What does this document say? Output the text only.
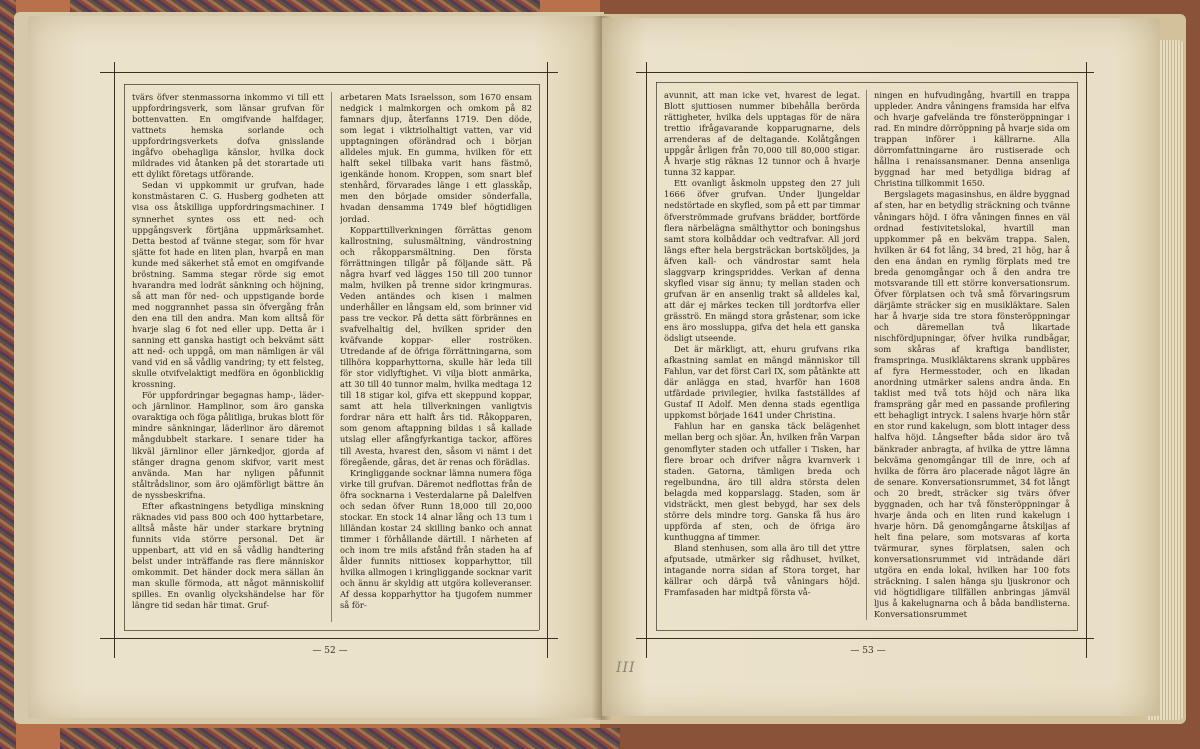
tvärs öfver stenmassorna inkommo vi till ett uppfordringsverk, som länsar grufvan för bottenvatten. En omgifvande halfdager, vattnets hemska sorlande och uppfordringsverkets dofva gnisslande ingåfvo obehagliga känslor, hvilka dock mildrades vid åtanken på det storartade uti ett dylikt företags utförande.

Sedan vi uppkommit ur grufvan, hade konstmästaren C. G. Husberg godheten att visa oss åtskilliga uppfordringsmachiner. I synnerhet syntes oss ett ned- och uppgångsverk förtjäna uppmärksamhet. Detta bestod af tvänne stegar, som för hvar sjätte fot hade en liten plan, hvarpå en man kunde med säkerhet stå emot en omgifvande bröstning. Samma stegar rörde sig emot hvarandra med lodrät sänkning och höjning, så att man för ned- och uppstigande borde med noggrannhet passa sin öfvergång från den ena till den andra. Man kom alltså för hvarje slag 6 fot ned eller upp. Detta är i sanning ett ganska hastigt och bekvämt sätt att ned- och uppgå, om man nämligen är väl vand vid en så vådlig vandring; ty ett felsteg, skulle otvifvelaktigt medföra en ögonblicklig krossning.

För uppfordringar begagnas hamp-, läder- och järnlinor. Hamplinor, som äro ganska ovaraktiga och föga pålitliga, brukas blott för mindre sänkningar, läderlinor äro däremot mångdubbelt starkare. I senare tider ha likväl järnlinor eller järnkedjor, gjorda af stänger dragna genom skifvor, varit mest använda. Man har nyligen påfunnit ståltrådslinor, som äro ojämförligt bättre än de nyssbeskrifna.

Efter afkastningens betydliga minskning räknades vid pass 800 och 400 hyttarbetare, alltså måste här under starkare brytning funnits vida större personal. Det är uppenbart, att vid en så vådlig handtering belst under inträffande ras flere människor omkommit. Det händer dock mera sällan än man skulle förmoda, att något människoliif spilles. En ovanlig olyckshändelse har för längre tid sedan här timat. Gruf-

arbetaren Mats Israelsson, som 1670 ensam nedgick i malmkorgen och omkom på 82 famnars djup, återfanns 1719. Den döde, som legat i viktriolhaltigt vatten, var vid upptagningen oförändrad och i början alldeles mjuk. En gumma, hvilken för ett halft sekel tillbaka varit hans fästmö, igenkände honom. Kroppen, som snart blef stenhård, förvarades länge i ett glasskåp, men den började omsider sönderfalla, hvadan densamma 1749 blef högtidligen jordad.

Kopparttillverkningen förrättas genom kallrostning, sulusmältning, vändrostning och råkopparsmältning. Den första förrättningen tillgår på följande sätt. På några hvarf ved lägges 150 till 200 tunnor malm, hvilken på trenne sidor kringmuras. Veden antändes och kisen i malmen underhåller en långsam eld, som brinner vid pass tre veckor. På detta sätt förbrännes en svafvelhaltig del, hvilken sprider den kväfvande koppar- eller roströken. Utredande af de öfriga förrättningarna, som tillhöra kopparhyttorna, skulle här leda till för stor vidlyftighet. Vi vilja blott anmärka, att 30 till 40 tunnor malm, hvilka medtaga 12 till 18 stigar kol, gifva ett skeppund koppar, samt att hela tillverkningen vanligtvis fordrar nära ett halft års tid. Råkopparen, som genom aftappning bildas i så kallade utslag eller afångfyrkantiga tackor, afföres till Avesta, hvarest den, såsom vi nämt i det föregående, gåras, det är renas och förädlas.

Kringliggande socknar lämna numera föga virke till grufvan. Däremot nedflottas från de öfra socknarna i Vesterdalarne på Dalelfven och sedan öfver Runn 18,000 till 20,000 stockar. En stock 14 alnar lång och 13 tum i lilländan kostar 24 skilling banko och annat timmer i förhållande därtill. I närheten af och inom tre mils afstånd från staden ha af ålder funnits nittiosex kopparhyttor, till hvilka allmogen i kringliggande socknar varit och ännu är skyldig att utgöra kolleveranser. Af dessa kopparhyttor ha tjugofem nummer så för-

— 52 —

avunnit, att man icke vet, hvarest de legat. Blott sjuttiosen nummer bibehålla berörda rättigheter, hvilka dels upptagas för de nära trettio ifrågavarande kopparugnarne, dels arrenderas af de deltagande. Kolåtgången uppgår årligen från 70,000 till 80,000 stigar. Å hvarje stig räknas 12 tunnor och å hvarje tunna 32 kappar.

Ett ovanligt åskmoln uppsteg den 27 juli 1666 öfver grufvan. Under ljungeldar nedstörtade en skyfled, som på ett par timmar öfverströmmade grufvans brädder, bortförde flera närbelägna smälthyttor och boningshus samt stora kolbåddar och vedtrafvar. All jord längs efter hela bergsträckan bortsköljdes, ja äfven kall- och vändrostar samt hela slaggvarp kringspriddes. Verkan af denna skyfled visar sig ännu; ty mellan staden och grufvan är en ansenlig trakt så alldeles kal, att där ej märkes tecken till jordtorfva eller gräsströ. En mängd stora gråstenar, som icke ens äro mossluppa, gifva det hela ett ganska ödsligt utseende.

Det är märkligt, att, ehuru grufvans rika afkastning samlat en mängd människor till Fahlun, var det först Carl IX, som påtänkte att där anlägga en stad, hvarför han 1608 utfärdade privilegier, hvilka fastställdes af Gustaf II Adolf. Men denna stads egentliga uppkomst började 1641 under Christina.

Fahlun har en ganska täck belägenhet mellan berg och sjöar. Ån, hvilken från Varpan genomflyter staden och utfaller i Tisken, har flere broar och drifver några kvarnverk i staden. Gatorna, tämligen breda och regelbundna, äro till aldra största delen belagda med kopparslagg. Staden, som är vidsträckt, men glest bebygd, har sex dels större dels mindre torg. Ganska få hus äro uppförda af sten, och de öfriga äro kunthuggna af timmer.

Bland stenhusen, som alla äro till det yttre afputsade, utmärker sig rådhuset, hvilket, intagande norra sidan af Stora torget, har källrar och därpå två våningars höjd. Framfasaden har midtpå första vå-

ningen en hufvudingång, hvartill en trappa uppleder. Andra våningens framsida har elfva och hvarje gafvelända tre fönsteröppningar i rad. En mindre dörröppning på hvarje sida om trappan införer i källrarne. Alla dörromfattningarne äro rustiserade och hållna i renaissansmaner. Denna ansenliga byggnad har med betydliga bidrag af Christina tillkommit 1650.

Bergslagets magasinshus, en äldre byggnad af sten, har en betydlig sträckning och tvänne våningars höjd. I öfra våningen finnes en väl ordnad festivitetslokal, hvartill man uppkommer på en bekväm trappa. Salen, hvilken är 64 fot lång, 34 bred, 21 hög, har å den ena ändan en rymlig förplats med tre breda genomgångar och å den andra tre motsvarande till ett större konversationsrum. Öfver förplatsen och två små förvaringsrum därjämte sträcker sig en musikläktare. Salen har å hvarje sida tre stora fönsteröppningar och däremellan två likartade nischfördjupningar, öfver hvilka rundbågar, som skåras af kraftiga bandlister, framspringa. Musikläktarens skrank uppbäres af fyra Hermesstoder, och en likadan anordning utmärker salens andra ända. En taklist med två tots höjd och nära lika framspräng går med en passande profilering ett behagligt intryck. I salens hvarje hörn står en stor rund kakelugn, som blott intager dess halfva höjd. Långsefter båda sidor äro två bänkrader anbragta, af hvilka de yttre lämna bekväma genomgångar till de inre, och af hvilka de förra äro placerade något lägre än de senare. Konversationsrummet, 34 fot långt och 20 bredt, sträcker sig tvärs öfver byggnaden, och har två fönsteröppningar å hvarje ända och en liten rund kakelugn i hvarje hörn. Då genomgångarne åtskiljas af helt fina pelare, som motsvaras af korta tvärmurar, synes förplatsen, salen och konversationsrummet vid inträdande däri utgöra en enda lokal, hvilken har 100 fots sträckning. I salen hänga sju ljuskronor och vid högtidligare tillfällen anbringas jämväl ljus å kakelugnarna och å båda bandlisterna. Konversationsrummet

— 53 —
III
